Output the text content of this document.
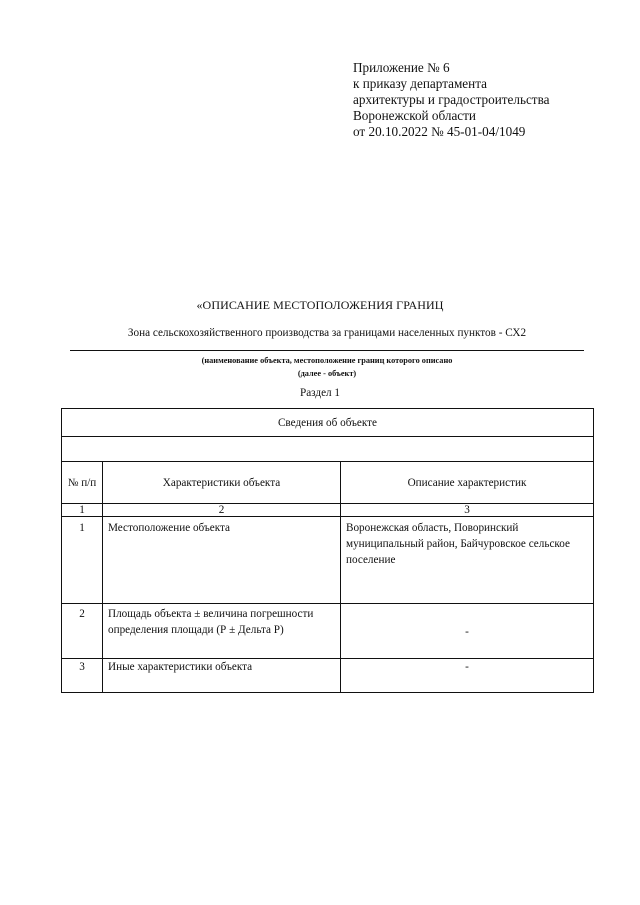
Приложение № 6
к приказу департамента
архитектуры и градостроительства
Воронежской области
от 20.10.2022 № 45-01-04/1049
«ОПИСАНИЕ МЕСТОПОЛОЖЕНИЯ ГРАНИЦ
Зона сельскохозяйственного производства за границами населенных пунктов - СХ2
(наименование объекта, местоположение границ которого описано
(далее - объект)
Раздел 1
Сведения об объекте		

№ п/п	Характеристики объекта	Описание характеристик
1	2	3
1	Местоположение объекта	Воронежская область, Поворинский муниципальный район, Байчуровское сельское поселение
2	Площадь объекта ± величина погрешности определения площади (Р ± Дельта Р)	-
3	Иные характеристики объекта	-
